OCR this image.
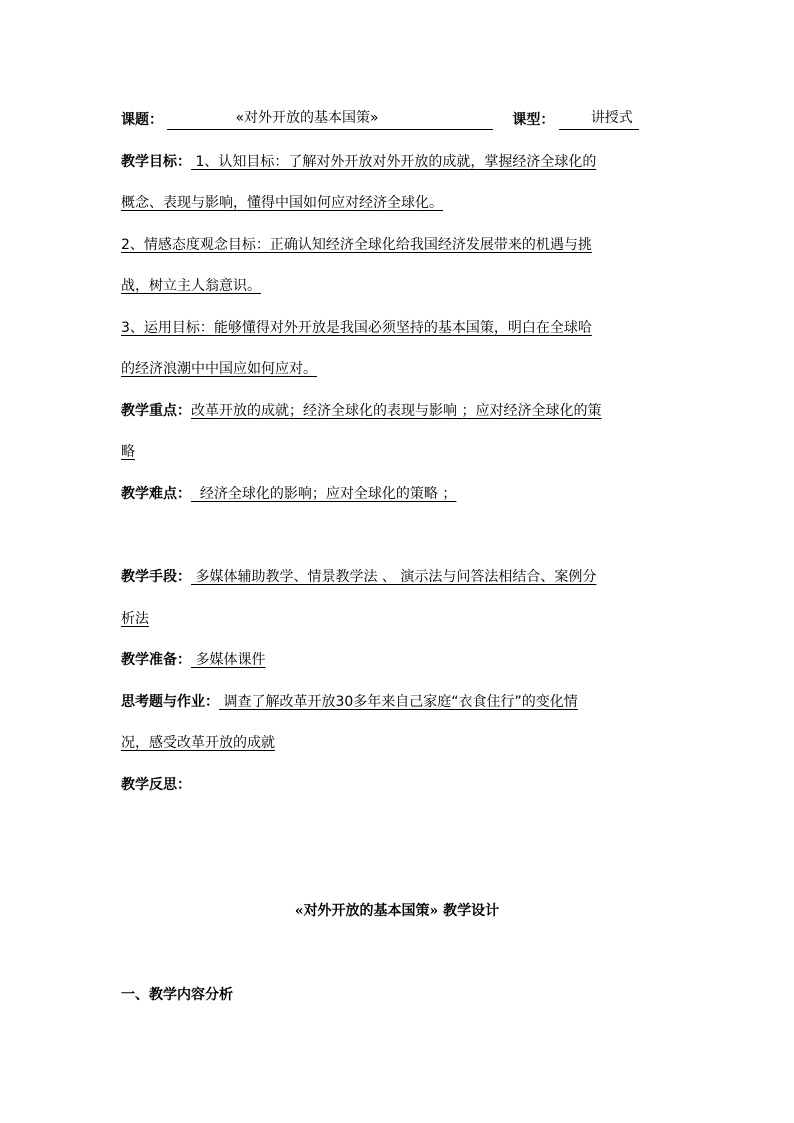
课题：	«对外开放的基本国策»	课型：	讲授式
教学目标： 1、认知目标：了解对外开放对外开放的成就，掌握经济全球化的
概念、表现与影响，懂得中国如何应对经济全球化。
2、情感态度观念目标：正确认知经济全球化给我国经济发展带来的机遇与挑
战，树立主人翁意识。
3、运用目标：能够懂得对外开放是我国必须坚持的基本国策，明白在全球哈
的经济浪潮中中国应如何应对。
教学重点：改革开放的成就；经济全球化的表现与影响 ；应对经济全球化的策
略
教学难点：  经济全球化的影响；应对全球化的策略 ；
教学手段： 多媒体辅助教学、情景教学法 、 演示法与问答法相结合、案例分
析法
教学准备： 多媒体课件
思考题与作业： 调查了解改革开放30多年来自己家庭“衣食住行”的变化情
况，感受改革开放的成就
教学反思：
«对外开放的基本国策» 教学设计
一、教学内容分析
